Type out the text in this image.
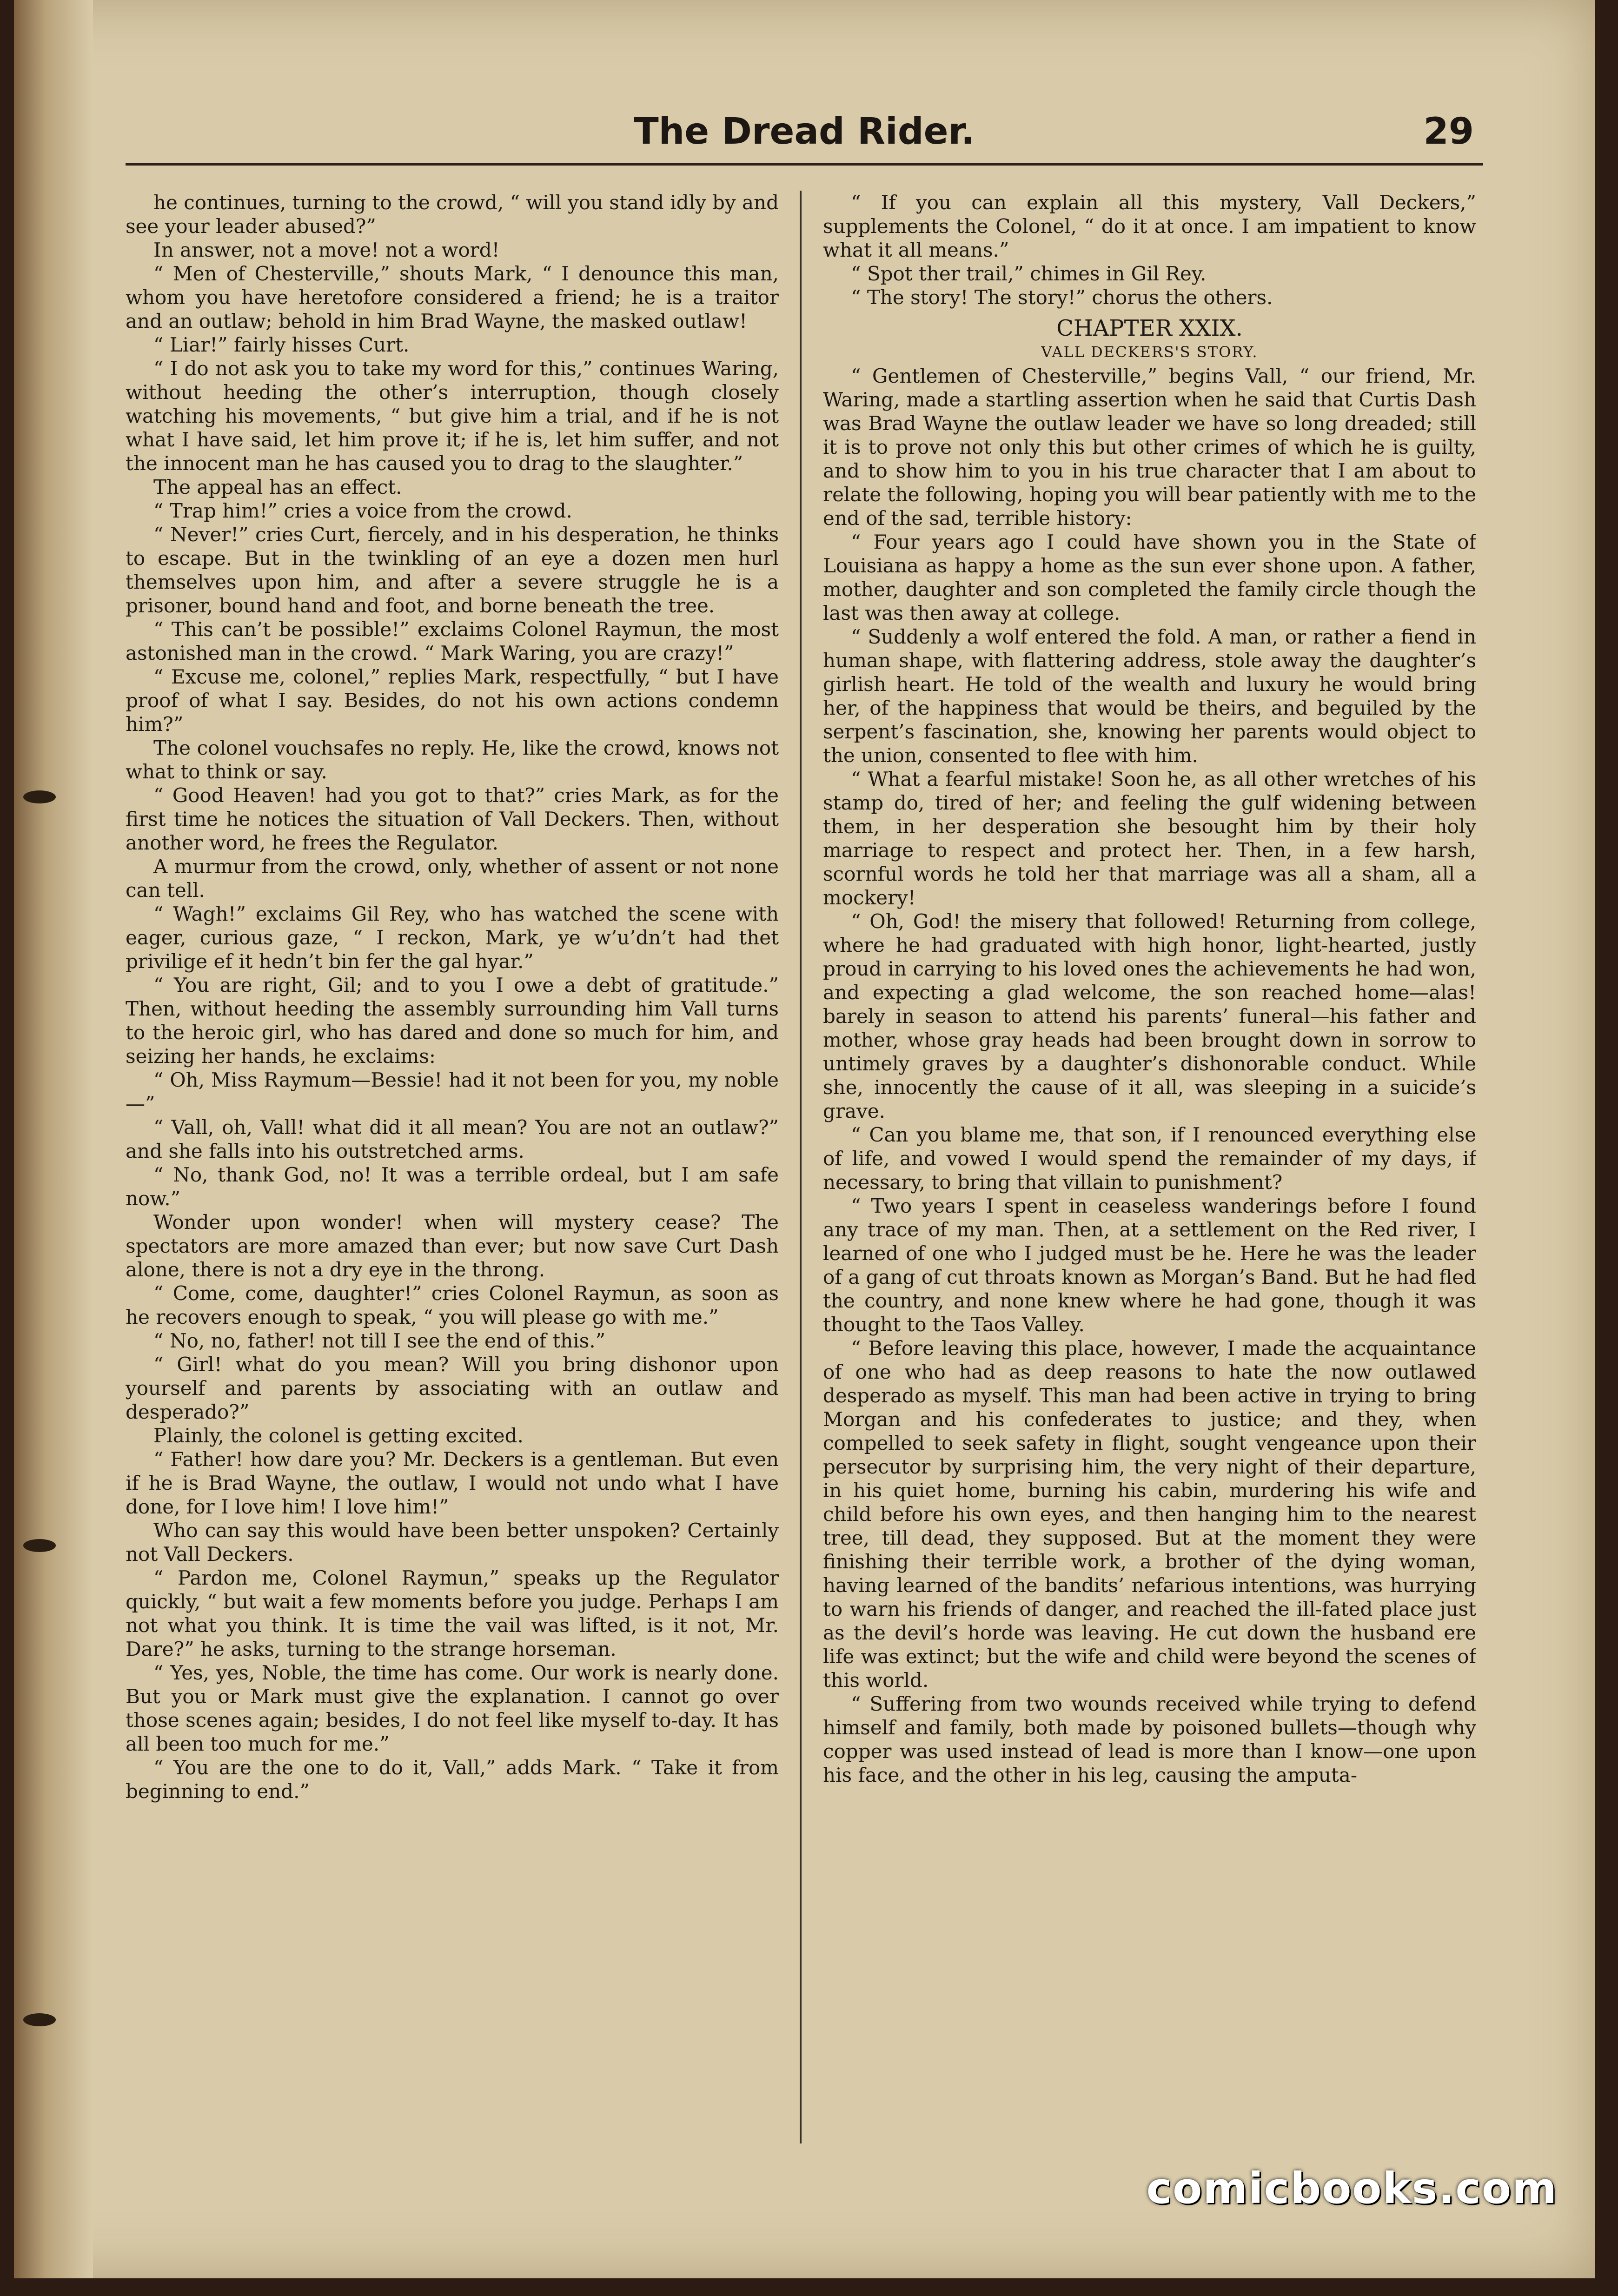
The Dread Rider.	29

he continues, turning to the crowd, “ will you stand idly by and see your leader abused?”

In answer, not a move! not a word!

“ Men of Chesterville,” shouts Mark, “ I denounce this man, whom you have heretofore considered a friend; he is a traitor and an outlaw; behold in him Brad Wayne, the masked outlaw!

“ Liar!” fairly hisses Curt.

“ I do not ask you to take my word for this,” continues Waring, without heeding the other’s interruption, though closely watching his movements, “ but give him a trial, and if he is not what I have said, let him prove it; if he is, let him suffer, and not the innocent man he has caused you to drag to the slaughter.”

The appeal has an effect.

“ Trap him!” cries a voice from the crowd.

“ Never!” cries Curt, fiercely, and in his desperation, he thinks to escape. But in the twinkling of an eye a dozen men hurl themselves upon him, and after a severe struggle he is a prisoner, bound hand and foot, and borne beneath the tree.

“ This can’t be possible!” exclaims Colonel Raymun, the most astonished man in the crowd. “ Mark Waring, you are crazy!”

“ Excuse me, colonel,” replies Mark, respectfully, “ but I have proof of what I say. Besides, do not his own actions condemn him?”

The colonel vouchsafes no reply. He, like the crowd, knows not what to think or say.

“ Good Heaven! had you got to that?” cries Mark, as for the first time he notices the situation of Vall Deckers. Then, without another word, he frees the Regulator.

A murmur from the crowd, only, whether of assent or not none can tell.

“ Wagh!” exclaims Gil Rey, who has watched the scene with eager, curious gaze, “ I reckon, Mark, ye w’u’dn’t had thet privilige ef it hedn’t bin fer the gal hyar.”

“ You are right, Gil; and to you I owe a debt of gratitude.” Then, without heeding the assembly surrounding him Vall turns to the heroic girl, who has dared and done so much for him, and seizing her hands, he exclaims:

“ Oh, Miss Raymum—Bessie! had it not been for you, my noble—”

“ Vall, oh, Vall! what did it all mean? You are not an outlaw?” and she falls into his outstretched arms.

“ No, thank God, no! It was a terrible ordeal, but I am safe now.”

Wonder upon wonder! when will mystery cease? The spectators are more amazed than ever; but now save Curt Dash alone, there is not a dry eye in the throng.

“ Come, come, daughter!” cries Colonel Raymun, as soon as he recovers enough to speak, “ you will please go with me.”

“ No, no, father! not till I see the end of this.”

“ Girl! what do you mean? Will you bring dishonor upon yourself and parents by associating with an outlaw and desperado?”

Plainly, the colonel is getting excited.

“ Father! how dare you? Mr. Deckers is a gentleman. But even if he is Brad Wayne, the outlaw, I would not undo what I have done, for I love him! I love him!”

Who can say this would have been better unspoken? Certainly not Vall Deckers.

“ Pardon me, Colonel Raymun,” speaks up the Regulator quickly, “ but wait a few moments before you judge. Perhaps I am not what you think. It is time the vail was lifted, is it not, Mr. Dare?” he asks, turning to the strange horseman.

“ Yes, yes, Noble, the time has come. Our work is nearly done. But you or Mark must give the explanation. I cannot go over those scenes again; besides, I do not feel like myself to-day. It has all been too much for me.”

“ You are the one to do it, Vall,” adds Mark. “ Take it from beginning to end.”

“ If you can explain all this mystery, Vall Deckers,” supplements the Colonel, “ do it at once. I am impatient to know what it all means.”

“ Spot ther trail,” chimes in Gil Rey.

“ The story! The story!” chorus the others.

CHAPTER XXIX.
VALL DECKERS'S STORY.

“ Gentlemen of Chesterville,” begins Vall, “ our friend, Mr. Waring, made a startling assertion when he said that Curtis Dash was Brad Wayne the outlaw leader we have so long dreaded; still it is to prove not only this but other crimes of which he is guilty, and to show him to you in his true character that I am about to relate the following, hoping you will bear patiently with me to the end of the sad, terrible history:

“ Four years ago I could have shown you in the State of Louisiana as happy a home as the sun ever shone upon. A father, mother, daughter and son completed the family circle though the last was then away at college.

“ Suddenly a wolf entered the fold. A man, or rather a fiend in human shape, with flattering address, stole away the daughter’s girlish heart. He told of the wealth and luxury he would bring her, of the happiness that would be theirs, and beguiled by the serpent’s fascination, she, knowing her parents would object to the union, consented to flee with him.

“ What a fearful mistake! Soon he, as all other wretches of his stamp do, tired of her; and feeling the gulf widening between them, in her desperation she besought him by their holy marriage to respect and protect her. Then, in a few harsh, scornful words he told her that marriage was all a sham, all a mockery!

“ Oh, God! the misery that followed! Returning from college, where he had graduated with high honor, light-hearted, justly proud in carrying to his loved ones the achievements he had won, and expecting a glad welcome, the son reached home—alas! barely in season to attend his parents’ funeral—his father and mother, whose gray heads had been brought down in sorrow to untimely graves by a daughter’s dishonorable conduct. While she, innocently the cause of it all, was sleeping in a suicide’s grave.

“ Can you blame me, that son, if I renounced everything else of life, and vowed I would spend the remainder of my days, if necessary, to bring that villain to punishment?

“ Two years I spent in ceaseless wanderings before I found any trace of my man. Then, at a settlement on the Red river, I learned of one who I judged must be he. Here he was the leader of a gang of cut throats known as Morgan’s Band. But he had fled the country, and none knew where he had gone, though it was thought to the Taos Valley.

“ Before leaving this place, however, I made the acquaintance of one who had as deep reasons to hate the now outlawed desperado as myself. This man had been active in trying to bring Morgan and his confederates to justice; and they, when compelled to seek safety in flight, sought vengeance upon their persecutor by surprising him, the very night of their departure, in his quiet home, burning his cabin, murdering his wife and child before his own eyes, and then hanging him to the nearest tree, till dead, they supposed. But at the moment they were finishing their terrible work, a brother of the dying woman, having learned of the bandits’ nefarious intentions, was hurrying to warn his friends of danger, and reached the ill-fated place just as the devil’s horde was leaving. He cut down the husband ere life was extinct; but the wife and child were beyond the scenes of this world.

“ Suffering from two wounds received while trying to defend himself and family, both made by poisoned bullets—though why copper was used instead of lead is more than I know—one upon his face, and the other in his leg, causing the amputa-

comicbooks.com
